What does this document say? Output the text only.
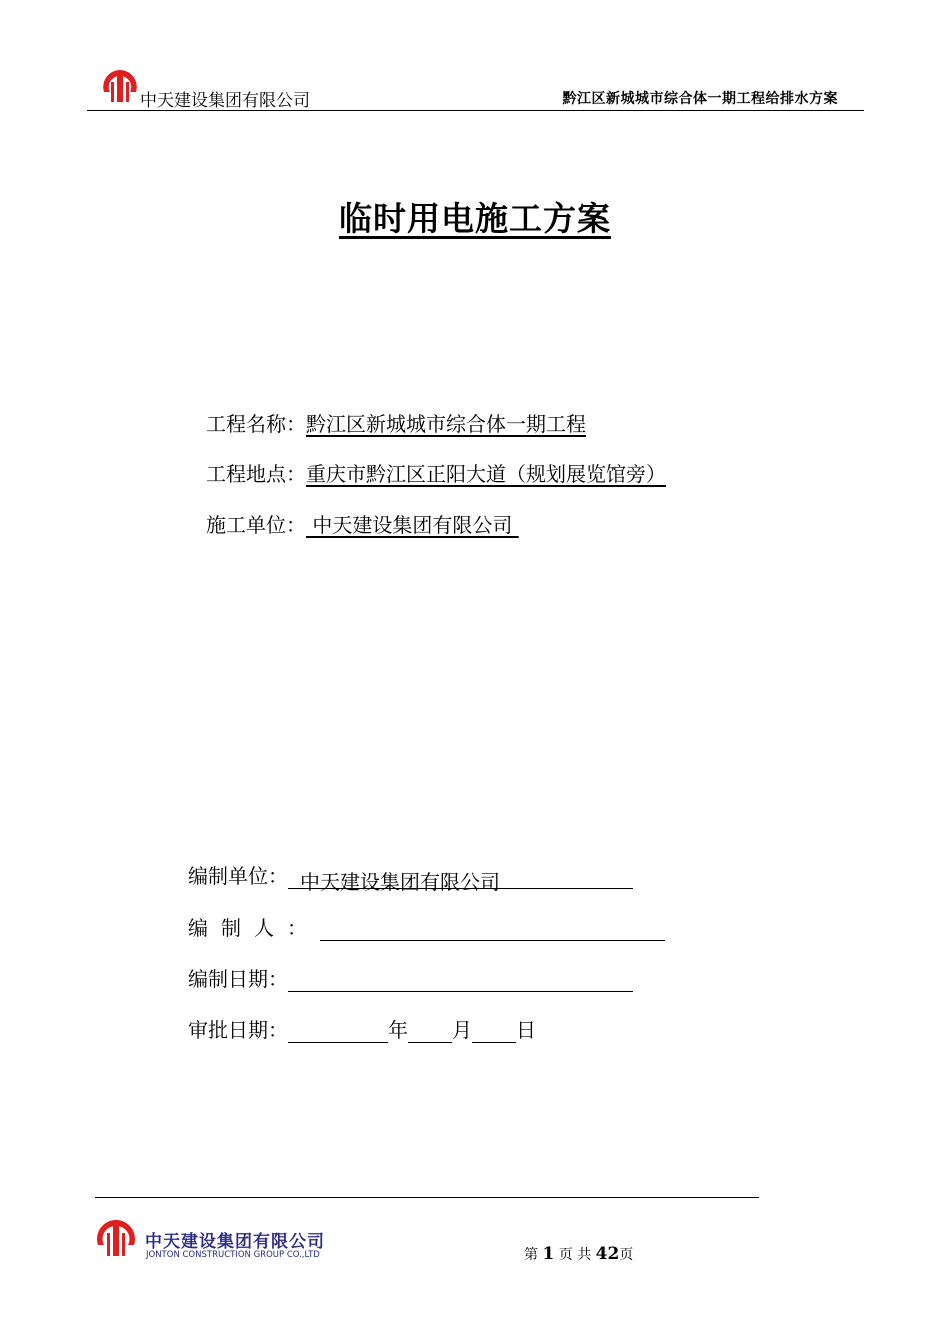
中天建设集团有限公司	黔江区新城城市综合体一期工程给排水方案
临时用电施工方案
工程名称：黔江区新城城市综合体一期工程
工程地点：重庆市黔江区正阳大道（规划展览馆旁）
施工单位： 中天建设集团有限公司
编制单位： 中天建设集团有限公司
编制人：
编制日期：
审批日期：	年 月 日
中天建设集团有限公司
JONTON CONSTRUCTION GROUP CO.,LTD	第 1 页 共 42页
